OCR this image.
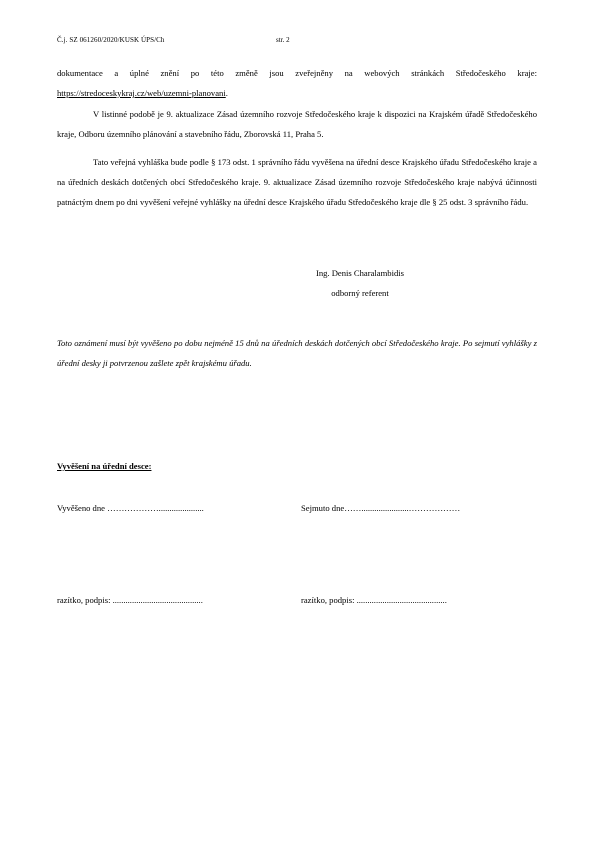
Č.j. SZ 061260/2020/KUSK ÚPS/Ch	str. 2
dokumentace a úplné znění po této změně jsou zveřejněny na webových stránkách Středočeského kraje: https://stredoceskykraj.cz/web/uzemni-planovani.
V listinné podobě je 9. aktualizace Zásad územního rozvoje Středočeského kraje k dispozici na Krajském úřadě Středočeského kraje, Odboru územního plánování a stavebního řádu, Zborovská 11, Praha 5.
Tato veřejná vyhláška bude podle § 173 odst. 1 správního řádu vyvěšena na úřední desce Krajského úřadu Středočeského kraje a na úředních deskách dotčených obcí Středočeského kraje. 9. aktualizace Zásad územního rozvoje Středočeského kraje nabývá účinnosti patnáctým dnem po dni vyvěšení veřejné vyhlášky na úřední desce Krajského úřadu Středočeského kraje dle § 25 odst. 3 správního řádu.
Ing. Denis Charalambidis
odborný referent
Toto oznámení musí být vyvěšeno po dobu nejméně 15 dnů na úředních deskách dotčených obcí Středočeského kraje. Po sejmutí vyhlášky z úřední desky ji potvrzenou zašlete zpět krajskému úřadu.
Vyvěšení na úřední desce:
Vyvěšeno dne ……………….....................	Sejmuto dne……......................………………
razítko, podpis: ..........................................	razítko, podpis: ..........................................
